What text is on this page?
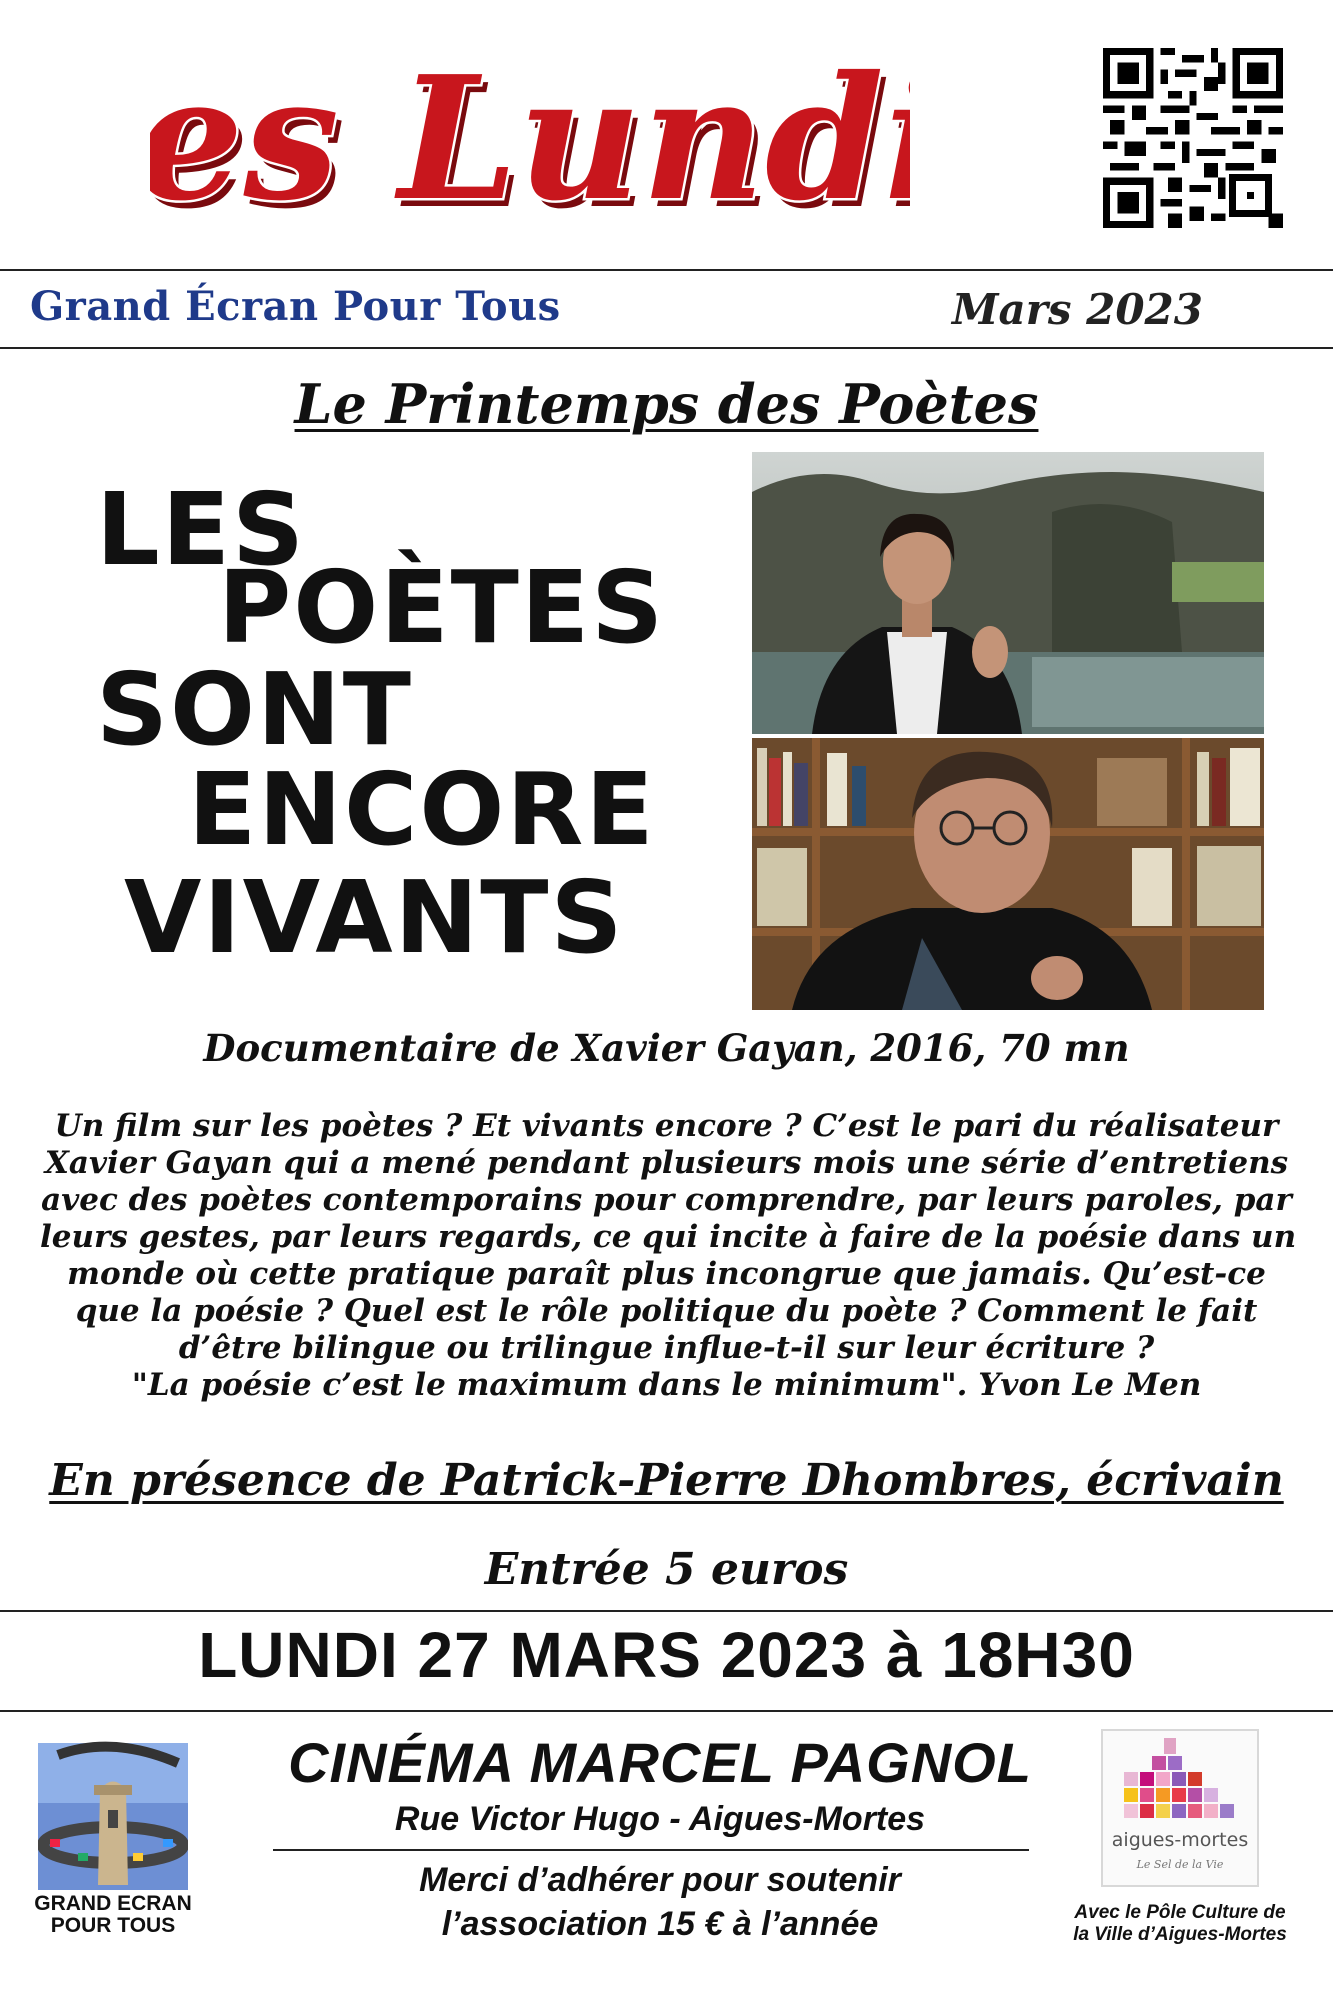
es Lund
es Lund
Grand Écran Pour Tous	Mars 2023
Le Printemps des Poètes
LES
POÈTES
SONT
ENCORE
VIVANTS
Documentaire de Xavier Gayan, 2016, 70 mn
Un film sur les poètes ? Et vivants encore ? C’est le pari du réalisateur
Xavier Gayan qui a mené pendant plusieurs mois une série d’entretiens
avec des poètes contemporains pour comprendre, par leurs paroles, par
leurs gestes, par leurs regards, ce qui incite à faire de la poésie dans un
monde où cette pratique paraît plus incongrue que jamais. Qu’est-ce
que la poésie ? Quel est le rôle politique du poète ? Comment le fait
d’être bilingue ou trilingue influe-t-il sur leur écriture ?
"La poésie c’est le maximum dans le minimum". Yvon Le Men
En présence de Patrick-Pierre Dhombres, écrivain
Entrée 5 euros
LUNDI 27 MARS 2023 à 18H30
GRAND ECRAN
POUR TOUS
CINÉMA MARCEL PAGNOL
Rue Victor Hugo - Aigues-Mortes
Merci d’adhérer pour soutenir
l’association 15 € à l’année
aigues-mortes
Le Sel de la Vie
Avec le Pôle Culture de
la Ville d’Aigues-Mortes
